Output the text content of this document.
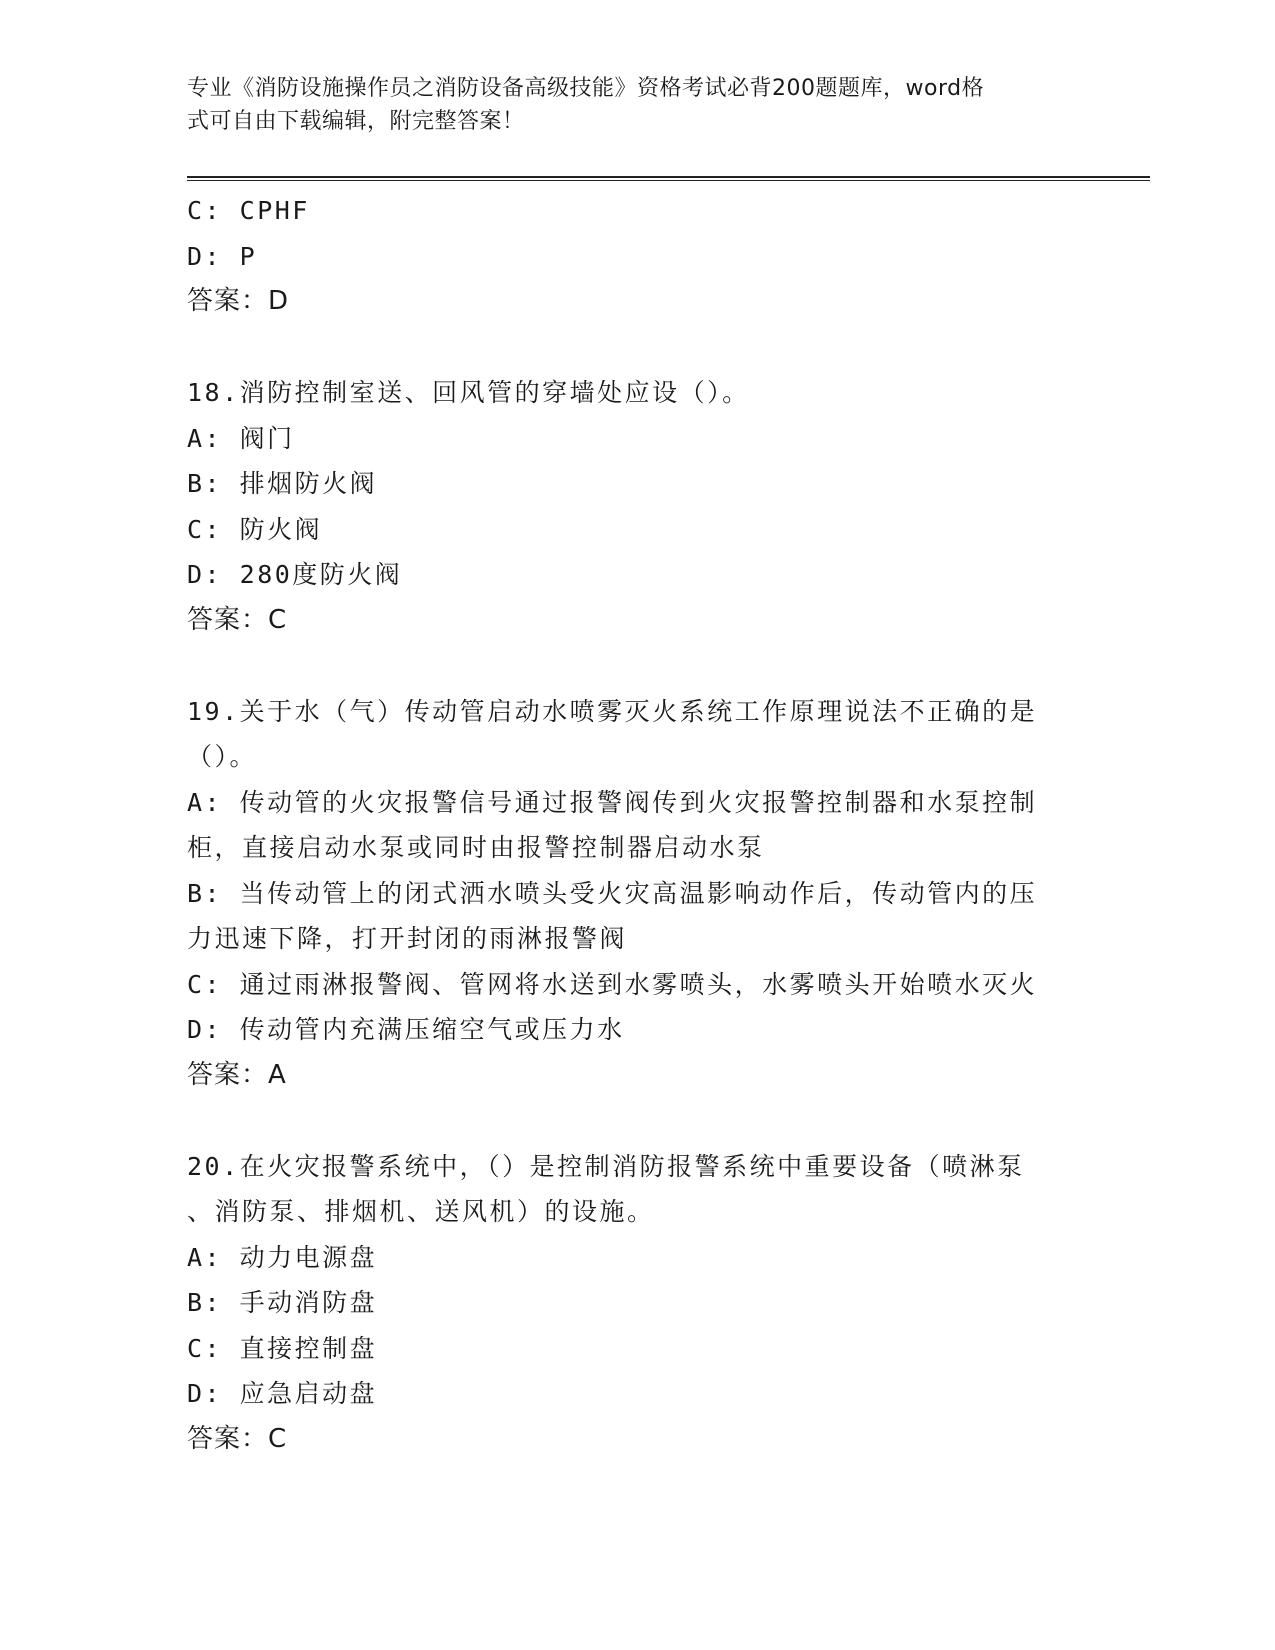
专业《消防设施操作员之消防设备高级技能》资格考试必背200题题库，word格
式可自由下载编辑，附完整答案！
C: CPHF
D: P
答案：D
18.消防控制室送、回风管的穿墙处应设（）。
A: 阀门
B: 排烟防火阀
C: 防火阀
D: 280度防火阀
答案：C
19.关于水（气）传动管启动水喷雾灭火系统工作原理说法不正确的是
（）。
A: 传动管的火灾报警信号通过报警阀传到火灾报警控制器和水泵控制
柜，直接启动水泵或同时由报警控制器启动水泵
B: 当传动管上的闭式洒水喷头受火灾高温影响动作后，传动管内的压
力迅速下降，打开封闭的雨淋报警阀
C: 通过雨淋报警阀、管网将水送到水雾喷头，水雾喷头开始喷水灭火
D: 传动管内充满压缩空气或压力水
答案：A
20.在火灾报警系统中，（）是控制消防报警系统中重要设备（喷淋泵
、消防泵、排烟机、送风机）的设施。
A: 动力电源盘
B: 手动消防盘
C: 直接控制盘
D: 应急启动盘
答案：C
